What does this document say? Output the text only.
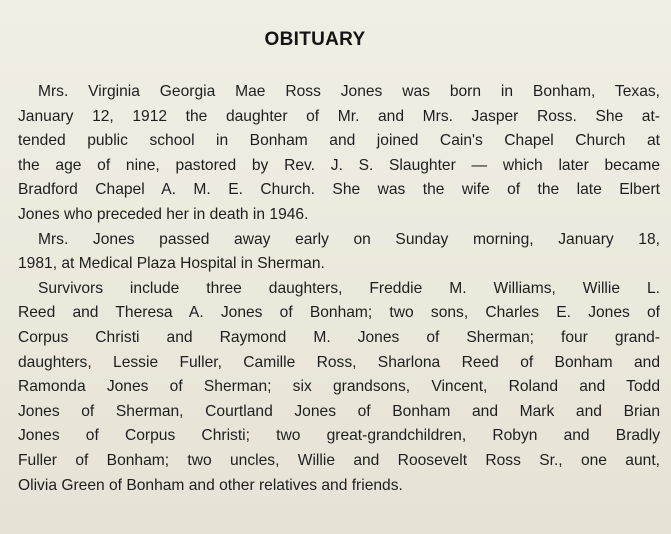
OBITUARY

Mrs. Virginia Georgia Mae Ross Jones was born in Bonham, Texas,
January 12, 1912 the daughter of Mr. and Mrs. Jasper Ross. She at-
tended public school in Bonham and joined Cain's Chapel Church at
the age of nine, pastored by Rev. J. S. Slaughter — which later became
Bradford Chapel A. M. E. Church. She was the wife of the late Elbert
Jones who preceded her in death in 1946.

Mrs. Jones passed away early on Sunday morning, January 18,
1981, at Medical Plaza Hospital in Sherman.

Survivors include three daughters, Freddie M. Williams, Willie L.
Reed and Theresa A. Jones of Bonham; two sons, Charles E. Jones of
Corpus Christi and Raymond M. Jones of Sherman; four grand-
daughters, Lessie Fuller, Camille Ross, Sharlona Reed of Bonham and
Ramonda Jones of Sherman; six grandsons, Vincent, Roland and Todd
Jones of Sherman, Courtland Jones of Bonham and Mark and Brian
Jones of Corpus Christi; two great-grandchildren, Robyn and Bradly
Fuller of Bonham; two uncles, Willie and Roosevelt Ross Sr., one aunt,
Olivia Green of Bonham and other relatives and friends.
